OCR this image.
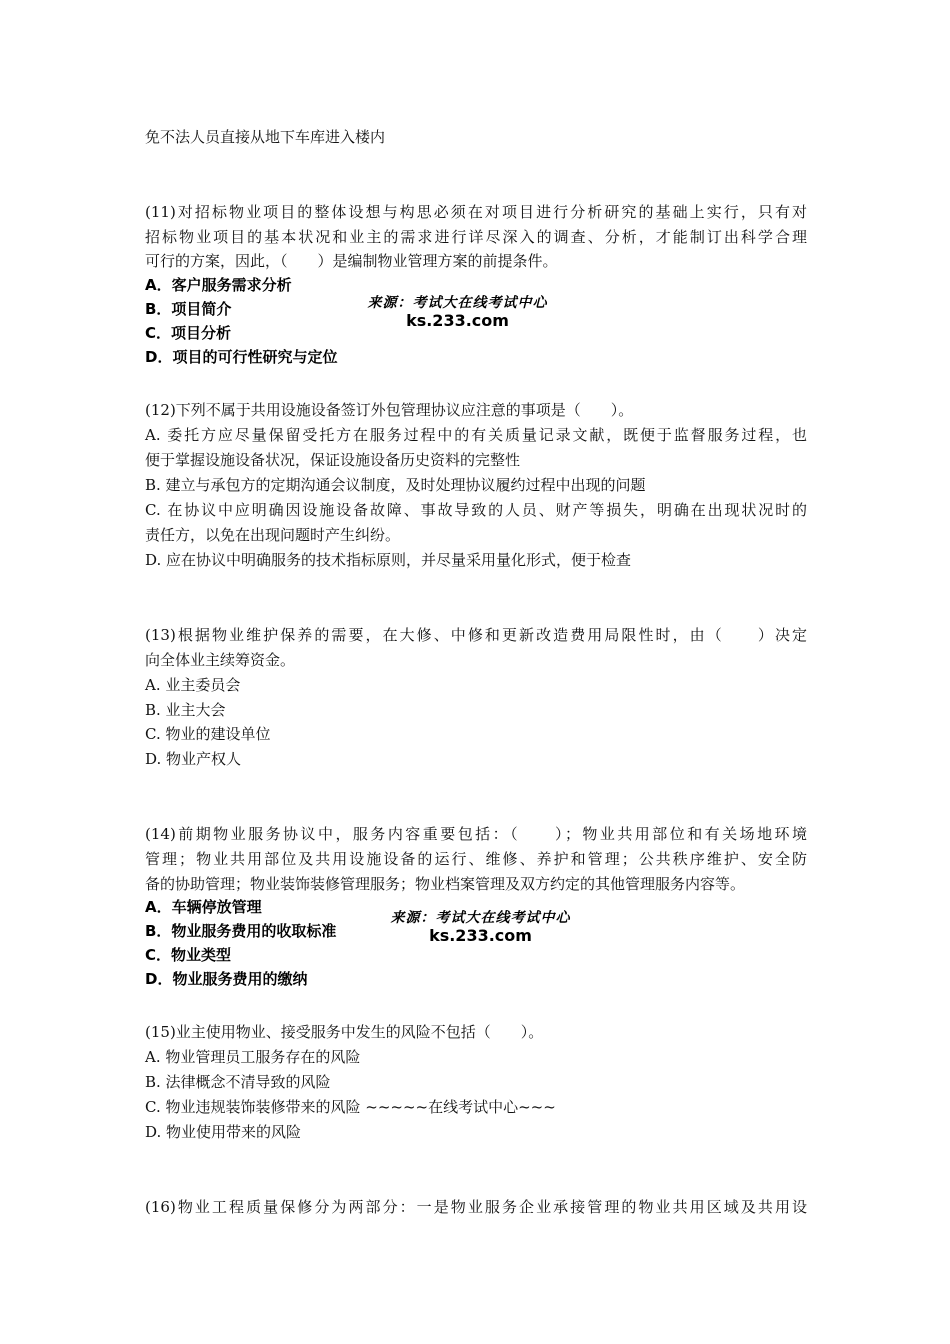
免不法人员直接从地下车库进入楼内
(11)对招标物业项目的整体设想与构思必须在对项目进行分析研究的基础上实行，只有对
招标物业项目的基本状况和业主的需求进行详尽深入的调查、分析，才能制订出科学合理
可行的方案，因此，（　　）是编制物业管理方案的前提条件。
A．客户服务需求分析
B．项目简介
C．项目分析
D．项目的可行性研究与定位
来源：考试大在线考试中心
ks.233.com
(12)下列不属于共用设施设备签订外包管理协议应注意的事项是（　　）。
A. 委托方应尽量保留受托方在服务过程中的有关质量记录文献，既便于监督服务过程，也
便于掌握设施设备状况，保证设施设备历史资料的完整性
B. 建立与承包方的定期沟通会议制度，及时处理协议履约过程中出现的问题
C. 在协议中应明确因设施设备故障、事故导致的人员、财产等损失，明确在出现状况时的
责任方，以免在出现问题时产生纠纷。
D. 应在协议中明确服务的技术指标原则，并尽量采用量化形式，便于检查
(13)根据物业维护保养的需要，在大修、中修和更新改造费用局限性时，由（　　）决定
向全体业主续筹资金。
A. 业主委员会
B. 业主大会
C. 物业的建设单位
D. 物业产权人
(14)前期物业服务协议中，服务内容重要包括：（　　）；物业共用部位和有关场地环境
管理；物业共用部位及共用设施设备的运行、维修、养护和管理；公共秩序维护、安全防
备的协助管理；物业装饰装修管理服务；物业档案管理及双方约定的其他管理服务内容等。
A．车辆停放管理
B．物业服务费用的收取标准
C．物业类型
D．物业服务费用的缴纳
来源：考试大在线考试中心
ks.233.com
(15)业主使用物业、接受服务中发生的风险不包括（　　）。
A. 物业管理员工服务存在的风险
B. 法律概念不清导致的风险
C. 物业违规装饰装修带来的风险 ~~~~~在线考试中心~~~
D. 物业使用带来的风险
(16)物业工程质量保修分为两部分：一是物业服务企业承接管理的物业共用区域及共用设
